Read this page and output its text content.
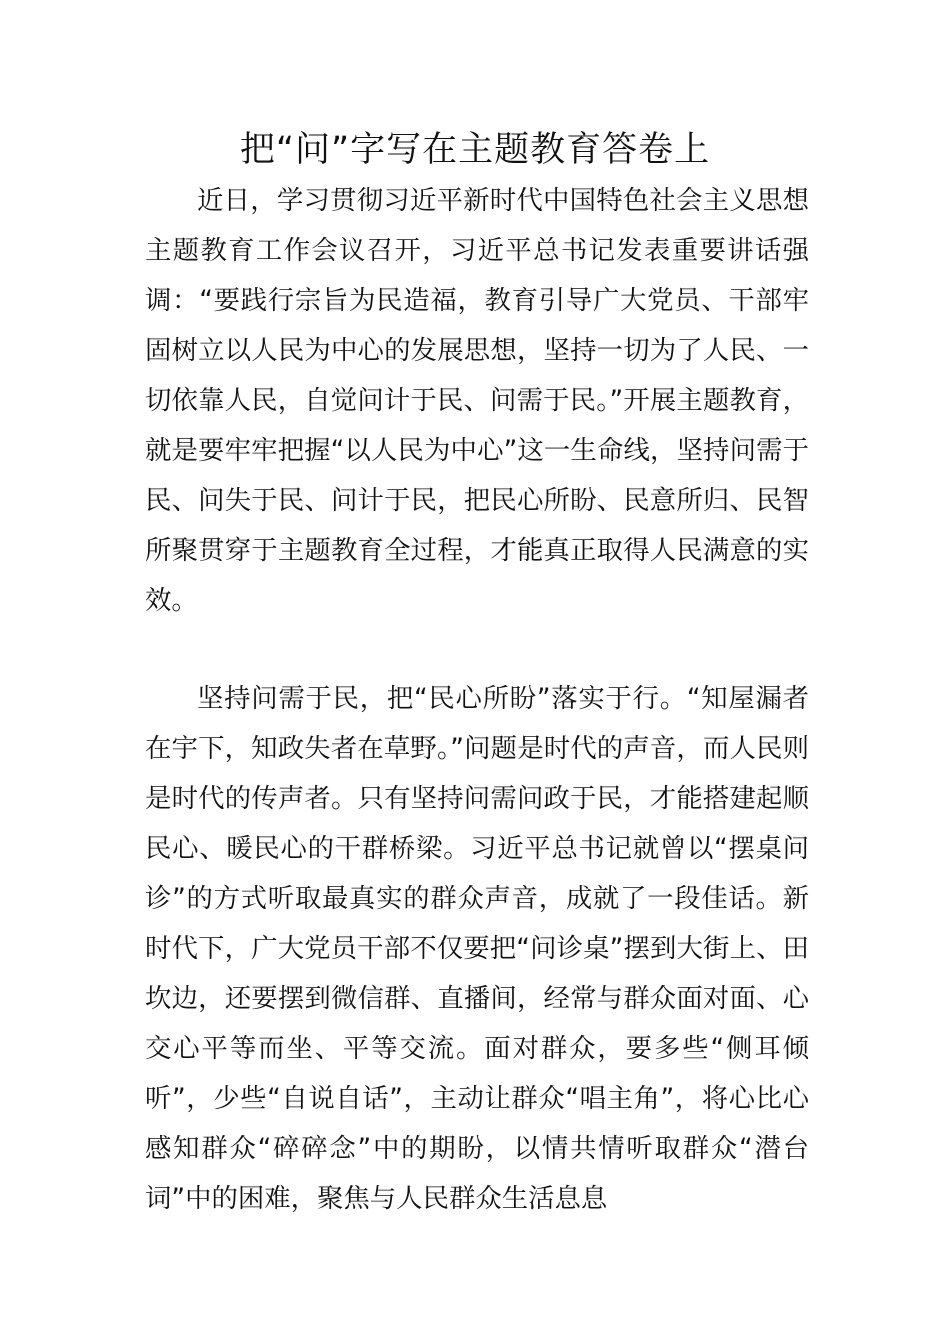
把“问”字写在主题教育答卷上

近日，学习贯彻习近平新时代中国特色社会主义思想主题教育工作会议召开，习近平总书记发表重要讲话强调：“要践行宗旨为民造福，教育引导广大党员、干部牢固树立以人民为中心的发展思想，坚持一切为了人民、一切依靠人民，自觉问计于民、问需于民。”开展主题教育，就是要牢牢把握“以人民为中心”这一生命线，坚持问需于民、问失于民、问计于民，把民心所盼、民意所归、民智所聚贯穿于主题教育全过程，才能真正取得人民满意的实效。

坚持问需于民，把“民心所盼”落实于行。“知屋漏者在宇下，知政失者在草野。”问题是时代的声音，而人民则是时代的传声者。只有坚持问需问政于民，才能搭建起顺民心、暖民心的干群桥梁。习近平总书记就曾以“摆桌问诊”的方式听取最真实的群众声音，成就了一段佳话。新时代下，广大党员干部不仅要把“问诊桌”摆到大街上、田坎边，还要摆到微信群、直播间，经常与群众面对面、心交心平等而坐、平等交流。面对群众，要多些“侧耳倾听”，少些“自说自话”，主动让群众“唱主角”，将心比心感知群众“碎碎念”中的期盼，以情共情听取群众“潜台词”中的困难，聚焦与人民群众生活息息
